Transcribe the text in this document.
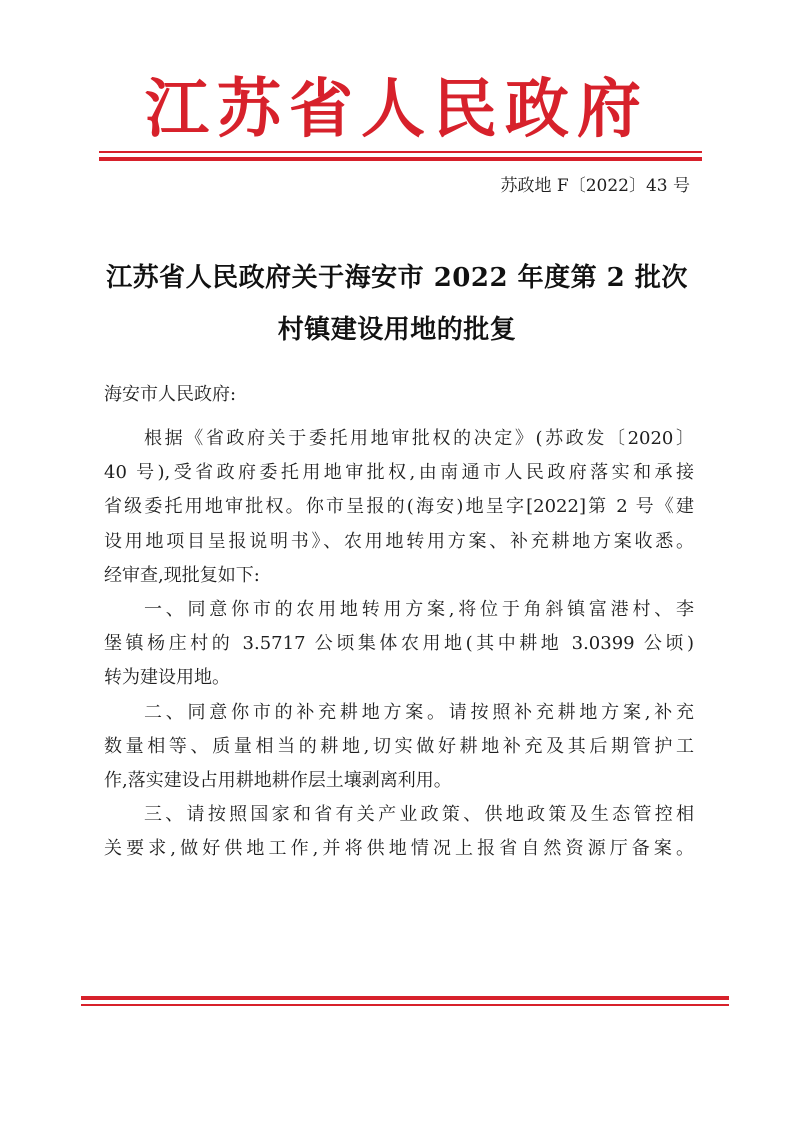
江苏省人民政府
苏政地 F〔2022〕43 号
江苏省人民政府关于海安市 2022 年度第 2 批次
村镇建设用地的批复
海安市人民政府:
根据《省政府关于委托用地审批权的决定》(苏政发〔2020〕
40 号),受省政府委托用地审批权,由南通市人民政府落实和承接
省级委托用地审批权。你市呈报的(海安)地呈字[2022]第 2 号《建
设用地项目呈报说明书》、农用地转用方案、补充耕地方案收悉。
经审查,现批复如下:
一、同意你市的农用地转用方案,将位于角斜镇富港村、李
堡镇杨庄村的 3.5717 公顷集体农用地(其中耕地 3.0399 公顷)
转为建设用地。
二、同意你市的补充耕地方案。请按照补充耕地方案,补充
数量相等、质量相当的耕地,切实做好耕地补充及其后期管护工
作,落实建设占用耕地耕作层土壤剥离利用。
三、请按照国家和省有关产业政策、供地政策及生态管控相
关要求,做好供地工作,并将供地情况上报省自然资源厅备案。
